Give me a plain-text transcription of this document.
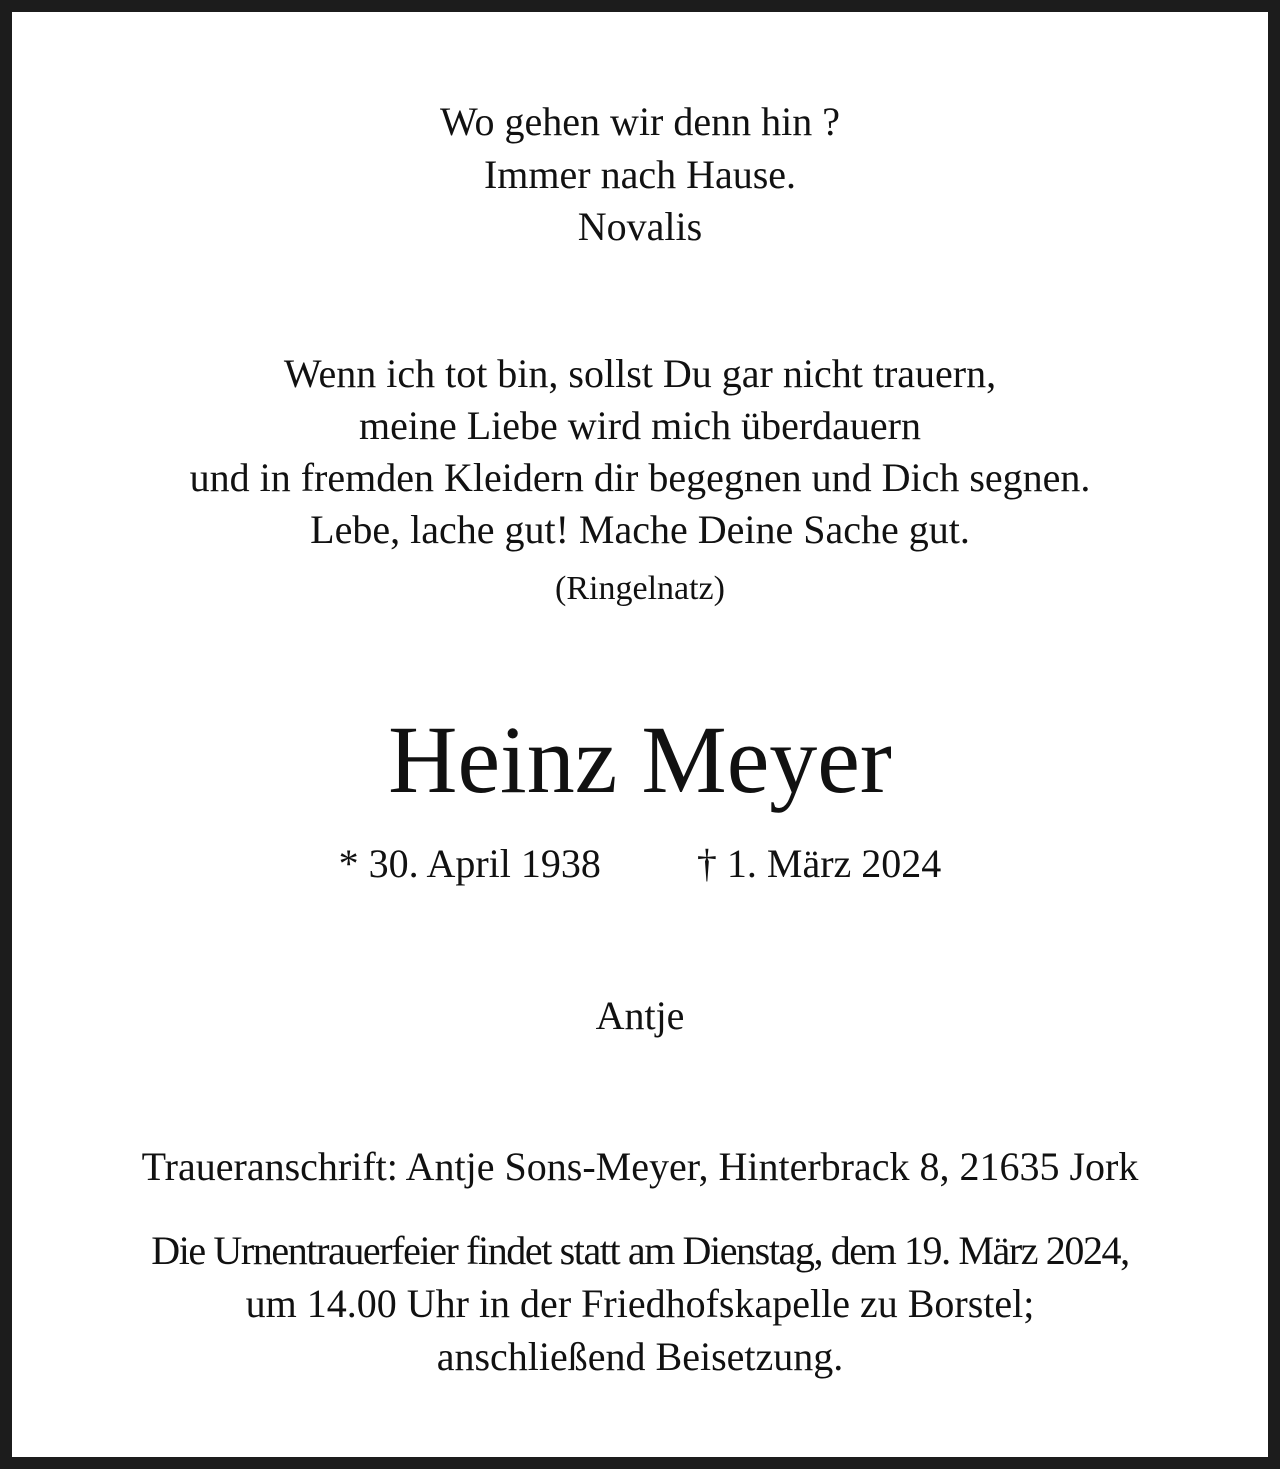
Wo gehen wir denn hin ?
Immer nach Hause.
Novalis
Wenn ich tot bin, sollst Du gar nicht trauern,
meine Liebe wird mich überdauern
und in fremden Kleidern dir begegnen und Dich segnen.
Lebe, lache gut! Mache Deine Sache gut.
(Ringelnatz)
Heinz Meyer
* 30. April 1938 † 1. März 2024
Antje
Traueranschrift: Antje Sons-Meyer, Hinterbrack 8, 21635 Jork
Die Urnentrauerfeier findet statt am Dienstag, dem 19. März 2024,
um 14.00 Uhr in der Friedhofskapelle zu Borstel;
anschließend Beisetzung.
